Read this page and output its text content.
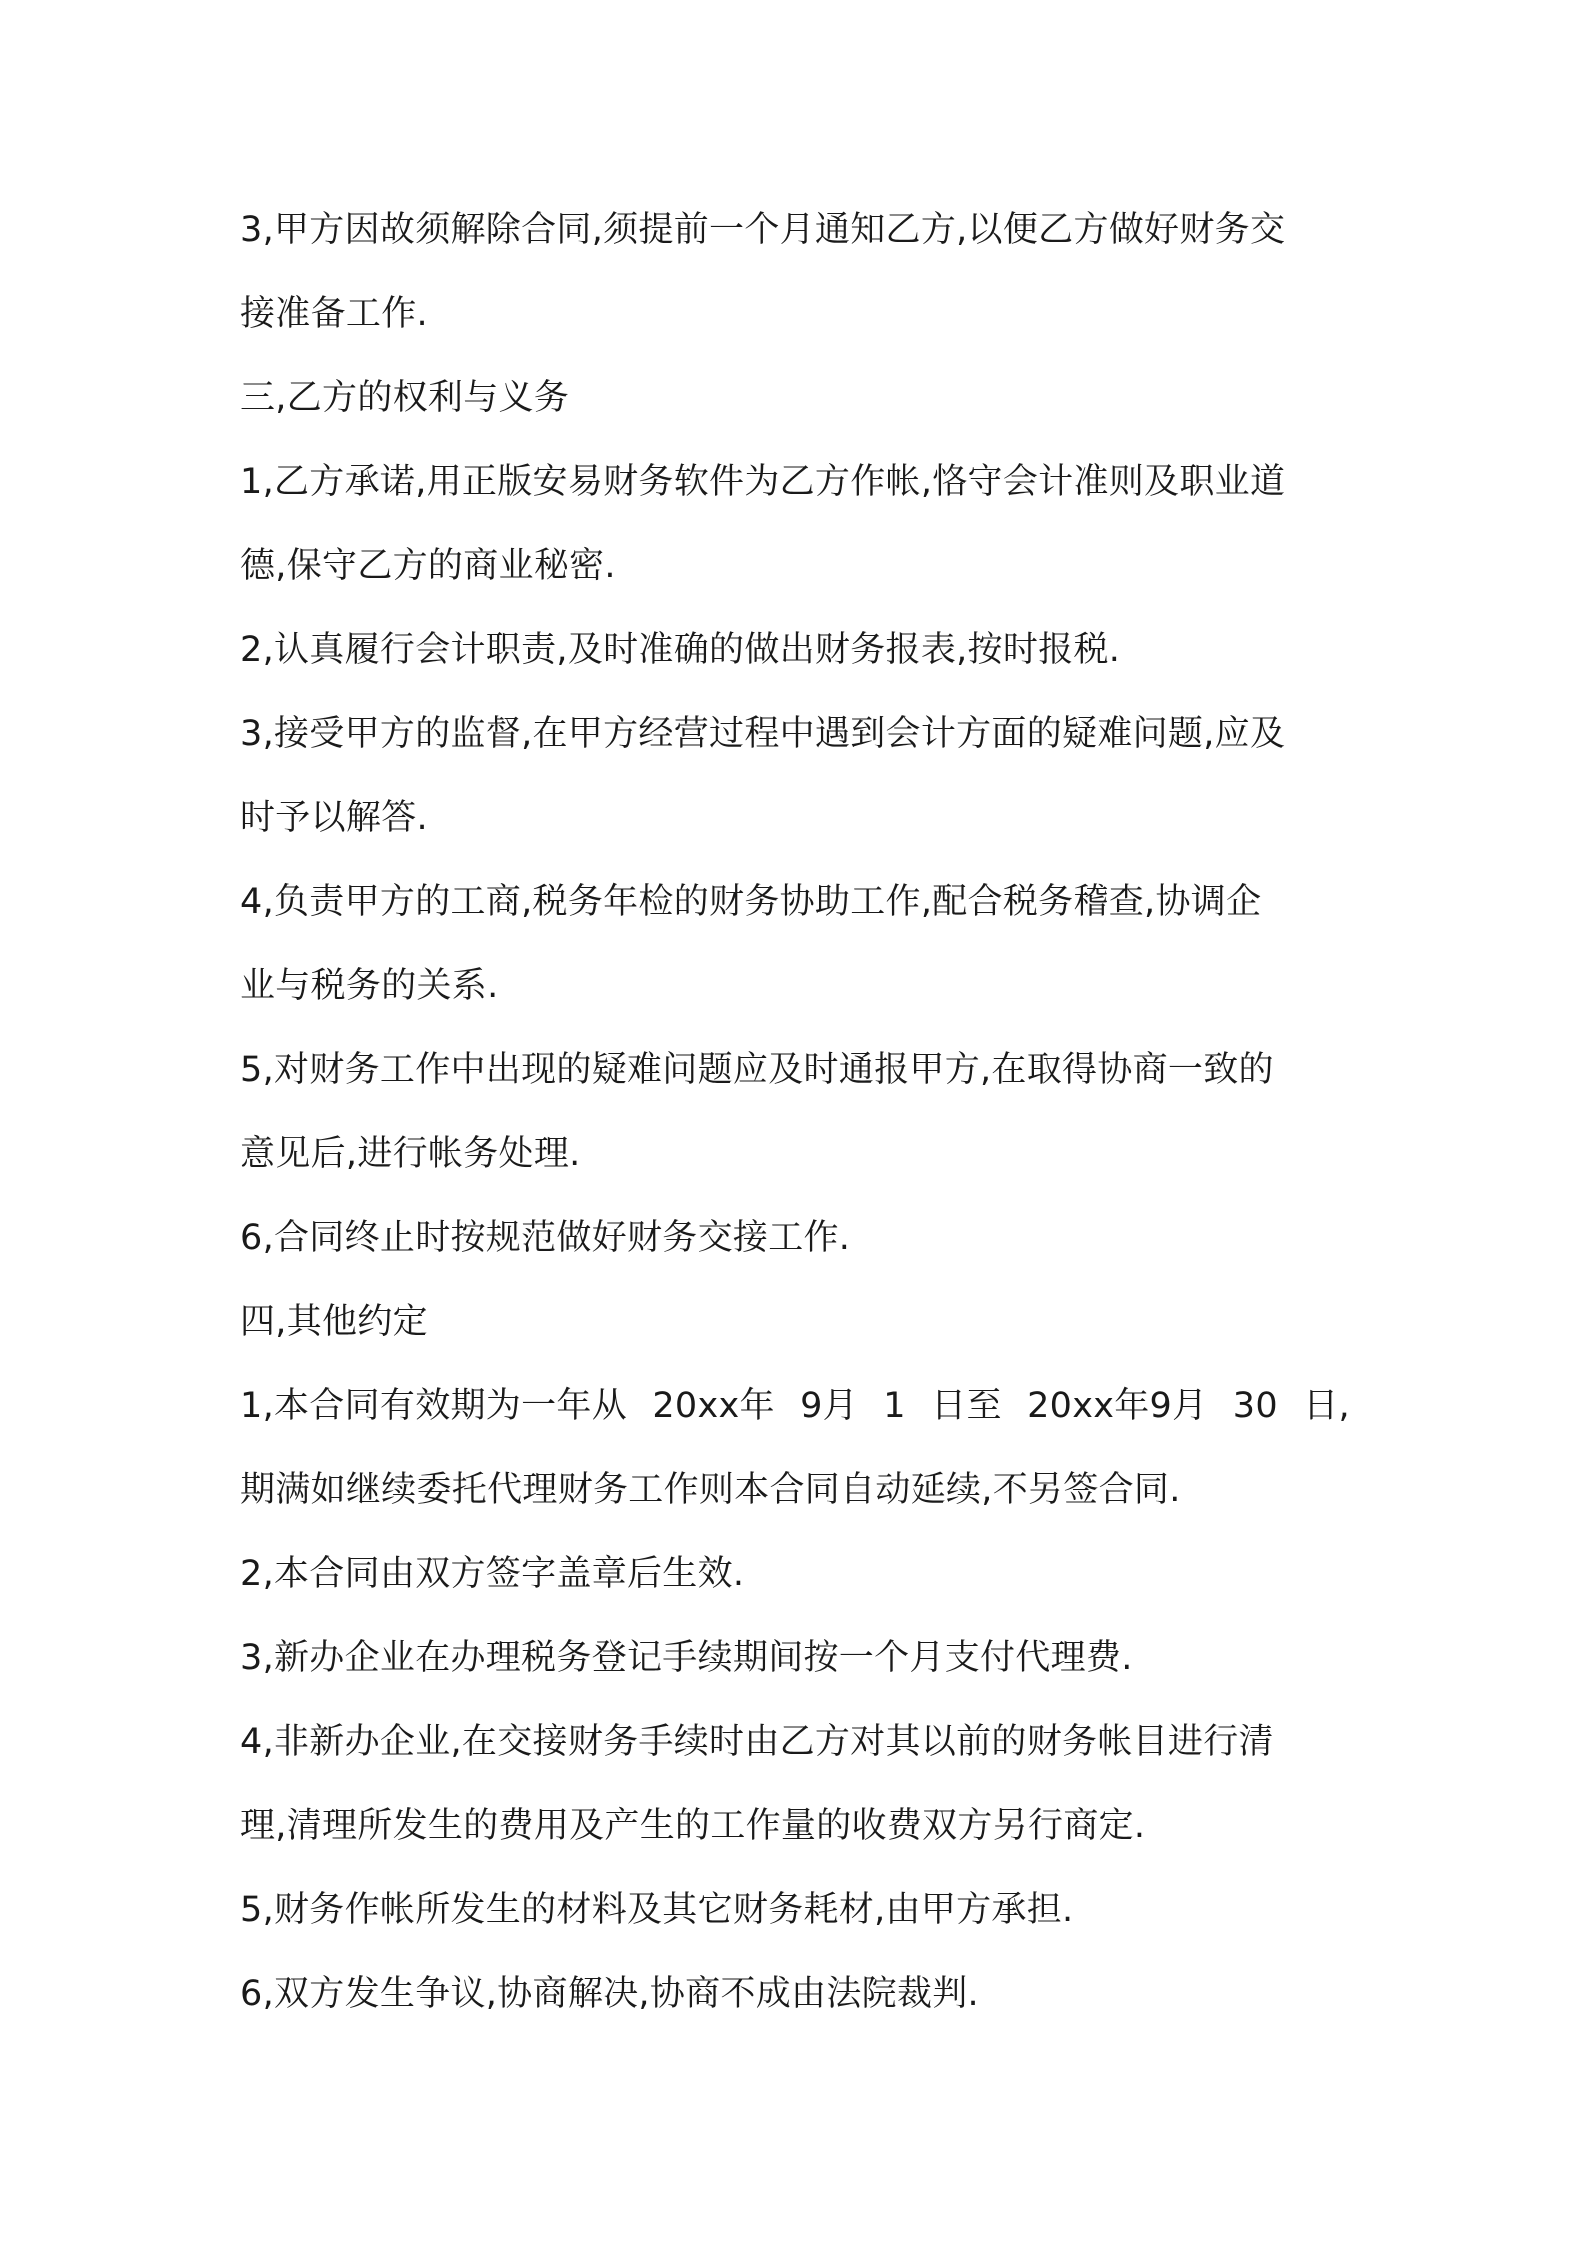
3,甲方因故须解除合同,须提前一个月通知乙方,以便乙方做好财务交
接准备工作.
三,乙方的权利与义务
1,乙方承诺,用正版安易财务软件为乙方作帐,恪守会计准则及职业道
德,保守乙方的商业秘密.
2,认真履行会计职责,及时准确的做出财务报表,按时报税.
3,接受甲方的监督,在甲方经营过程中遇到会计方面的疑难问题,应及
时予以解答.
4,负责甲方的工商,税务年检的财务协助工作,配合税务稽查,协调企
业与税务的关系.
5,对财务工作中出现的疑难问题应及时通报甲方,在取得协商一致的
意见后,进行帐务处理.
6,合同终止时按规范做好财务交接工作.
四,其他约定
1,本合同有效期为一年从 20xx年 9月 1 日至 20xx年9月 30 日,
期满如继续委托代理财务工作则本合同自动延续,不另签合同.
2,本合同由双方签字盖章后生效.
3,新办企业在办理税务登记手续期间按一个月支付代理费.
4,非新办企业,在交接财务手续时由乙方对其以前的财务帐目进行清
理,清理所发生的费用及产生的工作量的收费双方另行商定.
5,财务作帐所发生的材料及其它财务耗材,由甲方承担.
6,双方发生争议,协商解决,协商不成由法院裁判.
